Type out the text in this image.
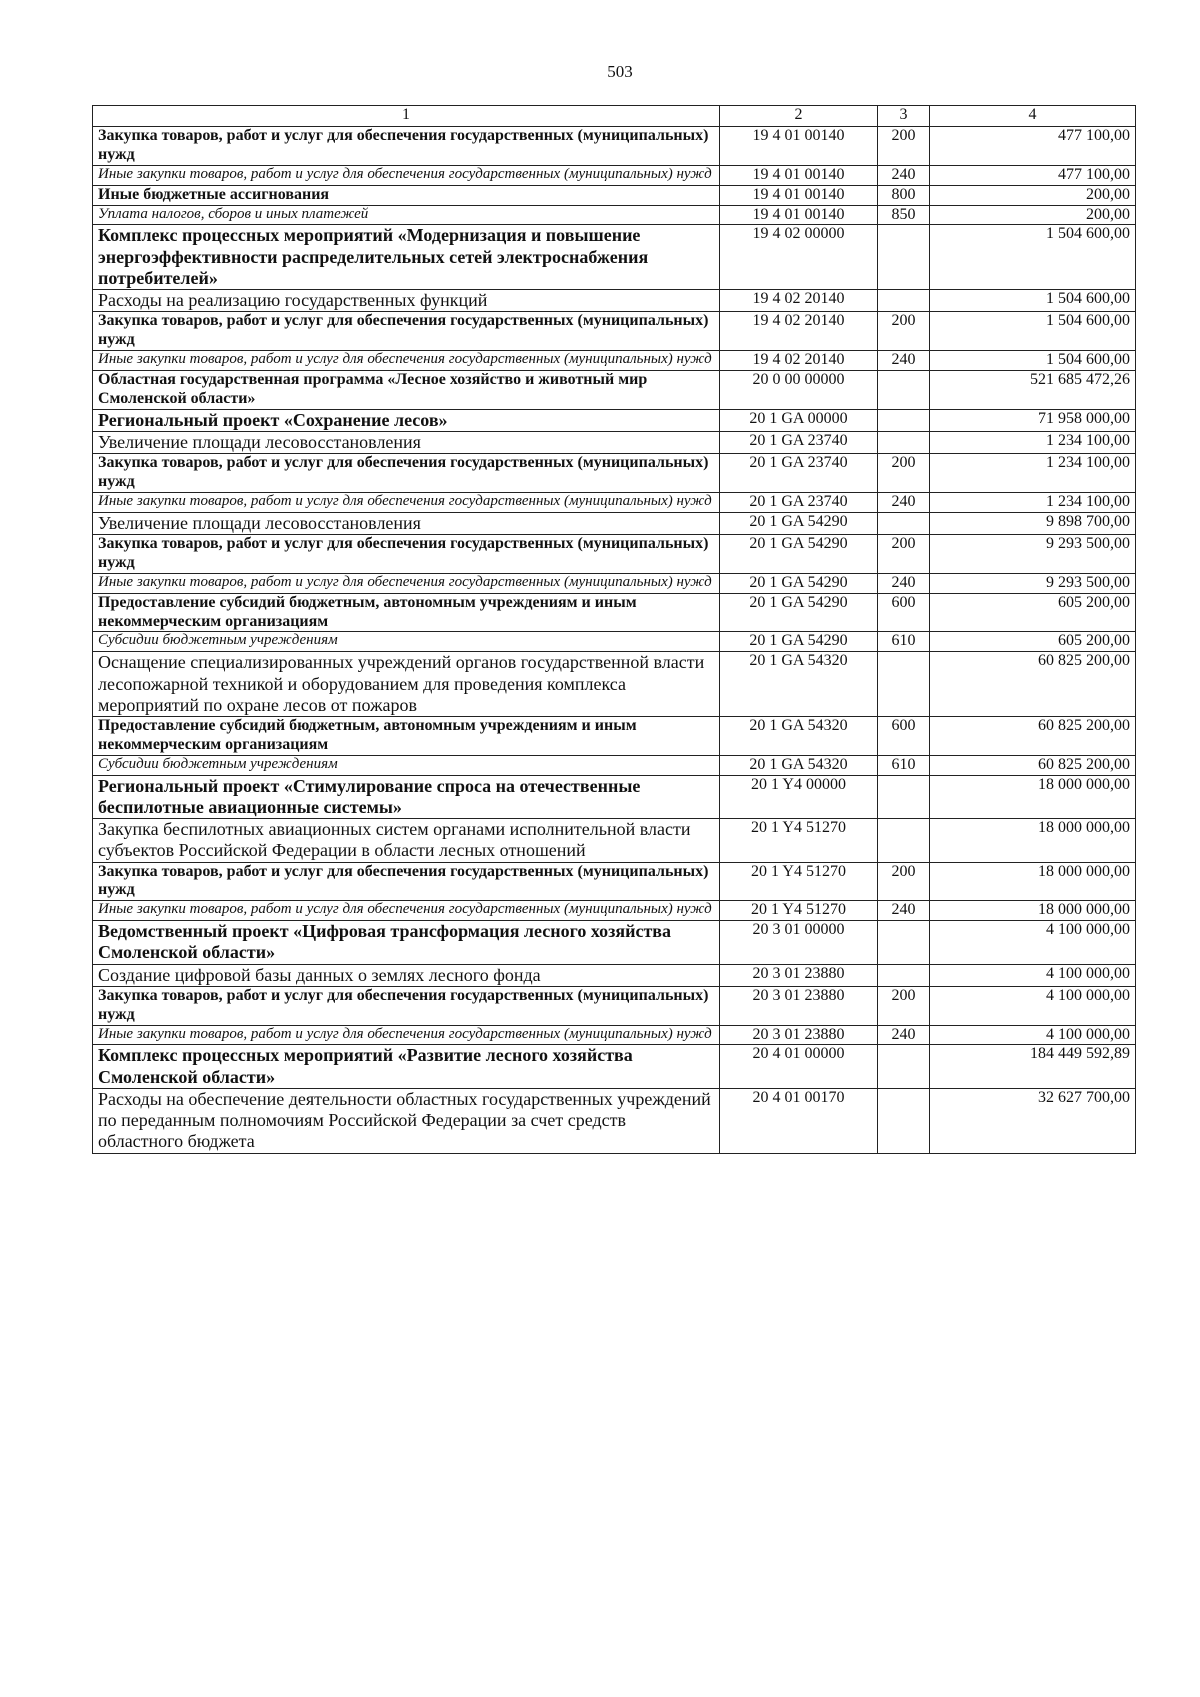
503
1	2	3	4
Закупка товаров, работ и услуг для обеспечения государственных (муниципальных) нужд	19 4 01 00140	200	477 100,00
Иные закупки товаров, работ и услуг для обеспечения государственных (муниципальных) нужд	19 4 01 00140	240	477 100,00
Иные бюджетные ассигнования	19 4 01 00140	800	200,00
Уплата налогов, сборов и иных платежей	19 4 01 00140	850	200,00
Комплекс процессных мероприятий «Модернизация и повышение энергоэффективности распределительных сетей электроснабжения потребителей»	19 4 02 00000		1 504 600,00
Расходы на реализацию государственных функций	19 4 02 20140		1 504 600,00
Закупка товаров, работ и услуг для обеспечения государственных (муниципальных) нужд	19 4 02 20140	200	1 504 600,00
Иные закупки товаров, работ и услуг для обеспечения государственных (муниципальных) нужд	19 4 02 20140	240	1 504 600,00
Областная государственная программа «Лесное хозяйство и животный мир Смоленской области»	20 0 00 00000		521 685 472,26
Региональный проект «Сохранение лесов»	20 1 GA 00000		71 958 000,00
Увеличение площади лесовосстановления	20 1 GA 23740		1 234 100,00
Закупка товаров, работ и услуг для обеспечения государственных (муниципальных) нужд	20 1 GA 23740	200	1 234 100,00
Иные закупки товаров, работ и услуг для обеспечения государственных (муниципальных) нужд	20 1 GA 23740	240	1 234 100,00
Увеличение площади лесовосстановления	20 1 GA 54290		9 898 700,00
Закупка товаров, работ и услуг для обеспечения государственных (муниципальных) нужд	20 1 GA 54290	200	9 293 500,00
Иные закупки товаров, работ и услуг для обеспечения государственных (муниципальных) нужд	20 1 GA 54290	240	9 293 500,00
Предоставление субсидий бюджетным, автономным учреждениям и иным некоммерческим организациям	20 1 GA 54290	600	605 200,00
Субсидии бюджетным учреждениям	20 1 GA 54290	610	605 200,00
Оснащение специализированных учреждений органов государственной власти лесопожарной техникой и оборудованием для проведения комплекса мероприятий по охране лесов от пожаров	20 1 GA 54320		60 825 200,00
Предоставление субсидий бюджетным, автономным учреждениям и иным некоммерческим организациям	20 1 GA 54320	600	60 825 200,00
Субсидии бюджетным учреждениям	20 1 GA 54320	610	60 825 200,00
Региональный проект «Стимулирование спроса на отечественные беспилотные авиационные системы»	20 1 Y4 00000		18 000 000,00
Закупка беспилотных авиационных систем органами исполнительной власти субъектов Российской Федерации в области лесных отношений	20 1 Y4 51270		18 000 000,00
Закупка товаров, работ и услуг для обеспечения государственных (муниципальных) нужд	20 1 Y4 51270	200	18 000 000,00
Иные закупки товаров, работ и услуг для обеспечения государственных (муниципальных) нужд	20 1 Y4 51270	240	18 000 000,00
Ведомственный проект «Цифровая трансформация лесного хозяйства Смоленской области»	20 3 01 00000		4 100 000,00
Создание цифровой базы данных о землях лесного фонда	20 3 01 23880		4 100 000,00
Закупка товаров, работ и услуг для обеспечения государственных (муниципальных) нужд	20 3 01 23880	200	4 100 000,00
Иные закупки товаров, работ и услуг для обеспечения государственных (муниципальных) нужд	20 3 01 23880	240	4 100 000,00
Комплекс процессных мероприятий «Развитие лесного хозяйства Смоленской области»	20 4 01 00000		184 449 592,89
Расходы на обеспечение деятельности областных государственных учреждений по переданным полномочиям Российской Федерации за счет средств областного бюджета	20 4 01 00170		32 627 700,00
